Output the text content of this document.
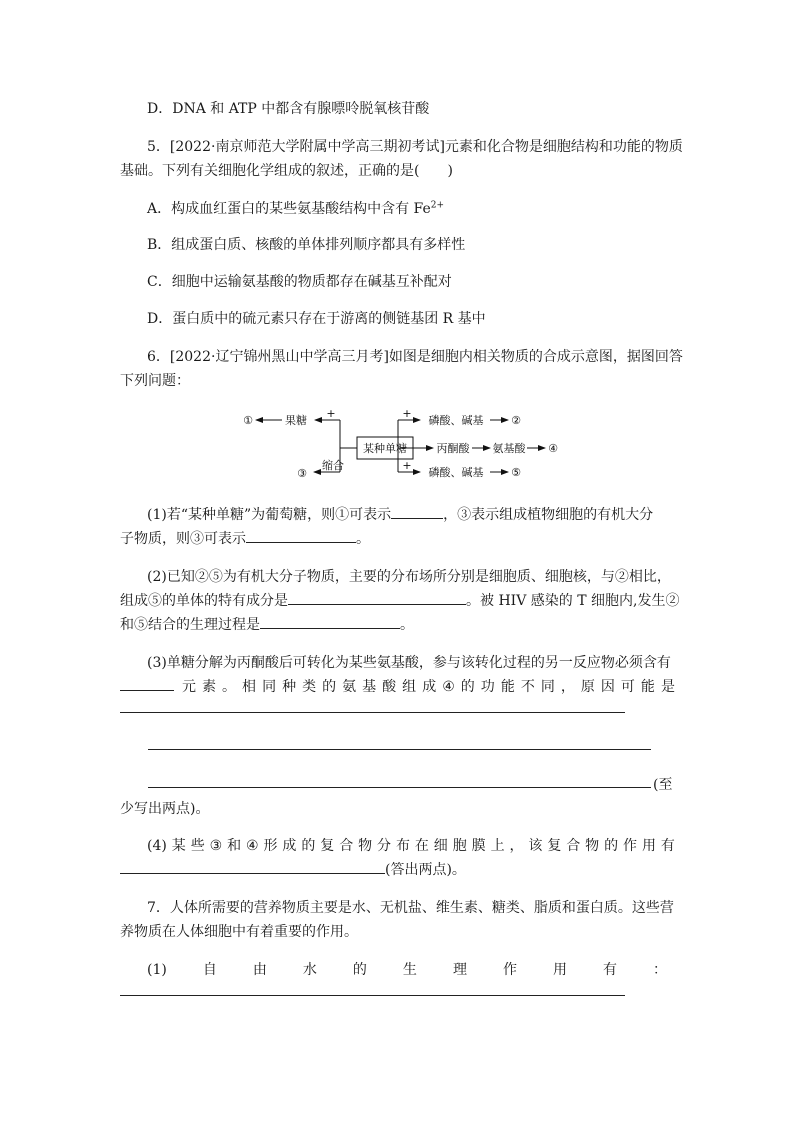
D．DNA 和 ATP 中都含有腺嘌呤脱氧核苷酸
5．[2022·南京师范大学附属中学高三期初考试]元素和化合物是细胞结构和功能的物质
基础。下列有关细胞化学组成的叙述，正确的是(　　)
A．构成血红蛋白的某些氨基酸结构中含有 $Fe^{2+}$
B．组成蛋白质、核酸的单体排列顺序都具有多样性
C．细胞中运输氨基酸的物质都存在碱基互补配对
D．蛋白质中的硫元素只存在于游离的侧链基团 R 基中
6．[2022·辽宁锦州黑山中学高三月考]如图是细胞内相关物质的合成示意图，据图回答
下列问题：
某种单糖
+
果糖
①
缩合
③
+
磷酸、碱基	②
丙酮酸 氨基酸 ④
+
磷酸、碱基	⑤
(1)若“某种单糖”为葡萄糖，则①可表示	，③表示组成植物细胞的有机大分
子物质，则③可表示	。
(2)已知②⑤为有机大分子物质，主要的分布场所分别是细胞质、细胞核，与②相比，
组成⑤的单体的特有成分是	。被 HIV 感染的 T 细胞内,发生②
和⑤结合的生理过程是	。
(3)单糖分解为丙酮酸后可转化为某些氨基酸，参与该转化过程的另一反应物必须含有
元 素 。 相 同 种 类 的 氨 基 酸 组 成 ④ 的 功 能 不 同 ， 原 因 可 能 是
(至
少写出两点)。
(4) 某 些 ③ 和 ④ 形 成 的 复 合 物 分 布 在 细 胞 膜 上 ， 该 复 合 物 的 作 用 有
(答出两点)。
7．人体所需要的营养物质主要是水、无机盐、维生素、糖类、脂质和蛋白质。这些营
养物质在人体细胞中有着重要的作用。
(1)	自	由	水	的	生	理	作	用	有	：
